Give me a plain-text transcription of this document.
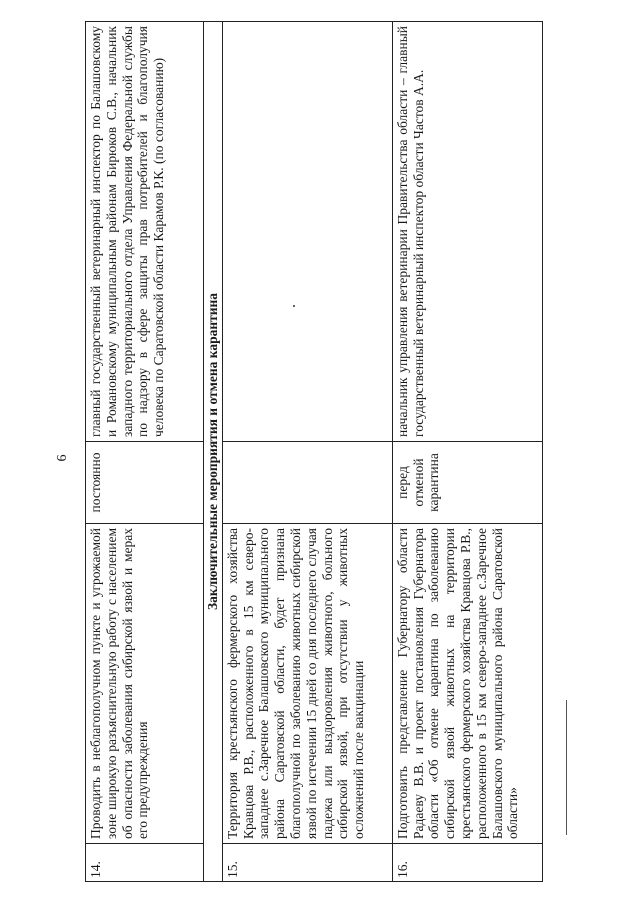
6
14.	Проводить в неблагополучном пункте и угрожаемой зоне широкую разъяснительную работу с населением об опасности заболевания сибирской язвой и мерах его предупреждения	постоянно	главный государственный ветеринарный инспектор по Балашовскому и Романовскому муниципальным районам Бирюков С.В., начальник западного территориального отдела Управления Федеральной службы по надзору в сфере защиты прав потребителей и благополучия человека по Саратовской области Карамов Р.К. (по согласованию)
Заключительные мероприятия и отмена карантина			
15.	Территория крестьянского фермерского хозяйства Кравцова Р.В., расположенного в 15 км северо-западнее с.Заречное Балашовского муниципального района Саратовской области, будет признана благополучной по заболеванию животных сибирской язвой по истечении 15 дней со дня последнего случая падежа или выздоровления животного, больного сибирской язвой, при отсутствии у животных осложнений после вакцинации		
16.	Подготовить представление Губернатору области Радаеву В.В. и проект постановления Губернатора области «Об отмене карантина по заболеванию сибирской язвой животных на территории крестьянского фермерского хозяйства Кравцова Р.В., расположенного в 15 км северо-западнее с.Заречное Балашовского муниципального района Саратовской области»	перед отменой карантина	начальник управления ветеринарии Правительства области – главный государственный ветеринарный инспектор области Частов А.А.
